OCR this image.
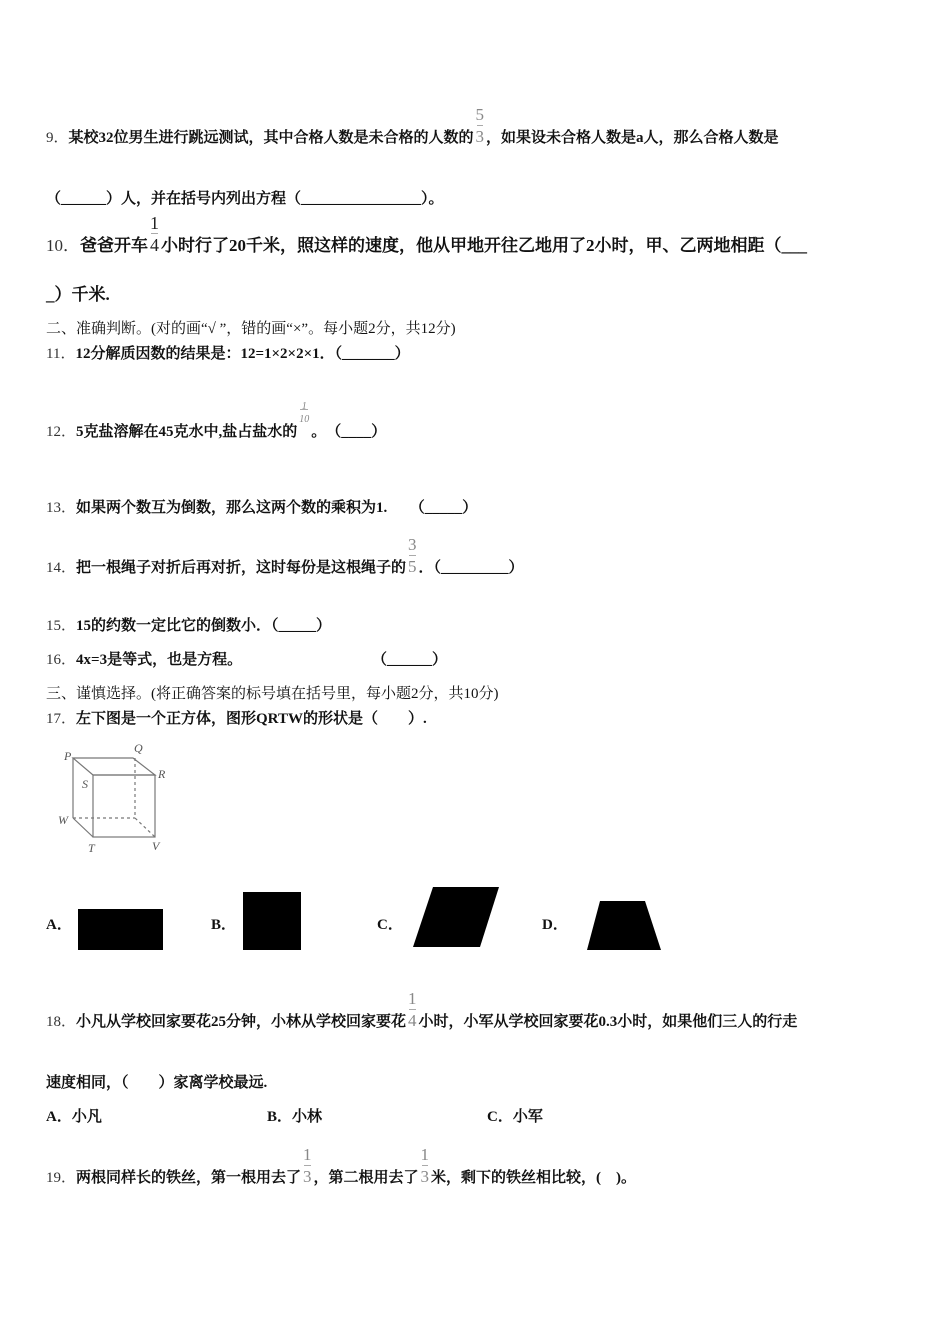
9．某校32位男生进行跳远测试，其中合格人数是未合格的人数的 $\frac{5}{3}$ ，如果设未合格人数是a人，那么合格人数是
（______）人，并在括号内列出方程（________________）。
10．爸爸开车 $\frac{1}{4}$ 小时行了20千米，照这样的速度，他从甲地开往乙地用了2小时，甲、乙两地相距（___
_）千米.
二、准确判断。(对的画“√ ”，错的画“×”。每小题2分，共12分)
11．12分解质因数的结果是：12=1×2×2×1．（_______）
12．5克盐溶解在45克水中,盐占盐水的
1
10。　（____）
13．如果两个数互为倒数，那么这两个数的乘积为1.　　（_____）
14．把一根绳子对折后再对折，这时每份是这根绳子的 $\frac{3}{5}$ ．（_________）
15．15的约数一定比它的倒数小．（_____）
16．4x=3是等式，也是方程。	（______）
三、谨慎选择。(将正确答案的标号填在括号里，每小题2分，共10分)
17．左下图是一个正方体，图形QRTW的形状是（　　）.
P
Q
S
R
W
T	V
A．	B．	C．	D．
18．小凡从学校回家要花25分钟，小林从学校回家要花 $\frac{1}{4}$ 小时，小军从学校回家要花0.3小时，如果他们三人的行走
速度相同，（　　）家离学校最远.
A．小凡	B．小林	C．小军
19．两根同样长的铁丝，第一根用去了 $\frac{1}{3}$ ，第二根用去了 $\frac{1}{3}$ 米，剩下的铁丝相比较，(　)。
